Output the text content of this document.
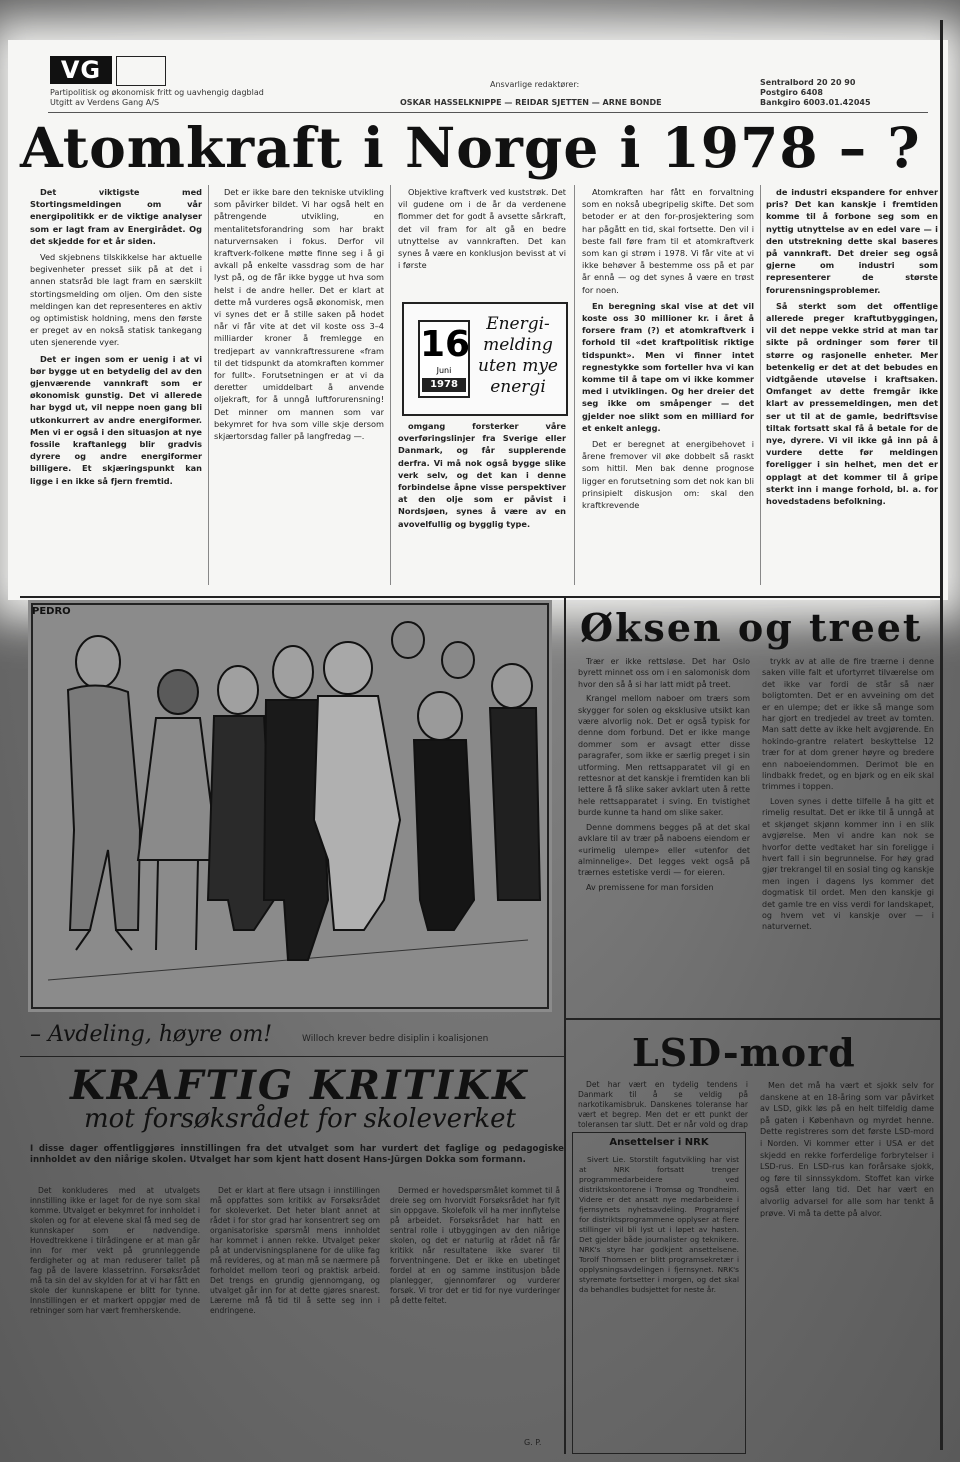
VG
Partipolitisk og økonomisk fritt og uavhengig dagblad
Utgitt av Verdens Gang A/S
Ansvarlige redaktører:
OSKAR HASSELKNIPPE — REIDAR SJETTEN — ARNE BONDE
Sentralbord 20 20 90
Postgiro 6408
Bankgiro 6003.01.42045
Atomkraft i Norge i 1978 – ?

Det viktigste med Stortingsmeldingen om vår energipolitikk er de viktige analyser som er lagt fram av Energirådet. Og det skjedde for et år siden.

Ved skjebnens tilskikkelse har aktuelle begivenheter presset siik på at det i annen statsråd ble lagt fram en særskilt stortingsmelding om oljen. Om den siste meldingen kan det representeres en aktiv og optimistisk holdning, mens den første er preget av en nokså statisk tankegang uten sjenerende vyer.

Det er ingen som er uenig i at vi bør bygge ut en betydelig del av den gjenværende vannkraft som er økonomisk gunstig. Det vi allerede har bygd ut, vil neppe noen gang bli utkonkurrert av andre energiformer. Men vi er også i den situasjon at nye fossile kraftanlegg blir gradvis dyrere og andre energiformer billigere. Et skjæringspunkt kan ligge i en ikke så fjern fremtid.

Det er ikke bare den tekniske utvikling som påvirker bildet. Vi har også helt en påtrengende utvikling, en mentalitetsforandring som har brakt naturvernsaken i fokus. Derfor vil kraftverk-folkene møtte finne seg i å gi avkall på enkelte vassdrag som de har lyst på, og de får ikke bygge ut hva som helst i de andre heller. Det er klart at dette må vurderes også økonomisk, men vi synes det er å stille saken på hodet når vi får vite at det vil koste oss 3–4 milliarder kroner å fremlegge en tredjepart av vannkraftressurene «fram til det tidspunkt da atomkraften kommer for fullt». Forutsetningen er at vi da deretter umiddelbart å anvende oljekraft, for å unngå luftforurensning! Det minner om mannen som var bekymret for hva som ville skje dersom skjærtorsdag faller på langfredag —.

Objektive kraftverk ved kuststrøk. Det vil gudene om i de år da verdenene flommer det for godt å avsette sårkraft, det vil fram for alt gå en bedre utnyttelse av vannkraften. Det kan synes å være en konklusjon bevisst at vi i første

16
Juni
1978
Energi-melding uten mye energi

omgang forsterker våre overføringslinjer fra Sverige eller Danmark, og får supplerende derfra. Vi må nok også bygge slike verk selv, og det kan i denne forbindelse åpne visse perspektiver at den olje som er påvist i Nordsjøen, synes å være av en avovelfullig og bygglig type.

Atomkraften har fått en forvaltning som en nokså ubegripelig skifte. Det som betoder er at den for-prosjektering som har pågått en tid, skal fortsette. Den vil i beste fall føre fram til et atomkraftverk som kan gi strøm i 1978. Vi får vite at vi ikke behøver å bestemme oss på et par år ennå — og det synes å være en trøst for noen.

En beregning skal vise at det vil koste oss 30 millioner kr. i året å forsere fram (?) et atomkraftverk i forhold til «det kraftpolitisk riktige tidspunkt». Men vi finner intet regnestykke som forteller hva vi kan komme til å tape om vi ikke kommer med i utviklingen. Og her dreier det seg ikke om småpenger — det gjelder noe slikt som en milliard for et enkelt anlegg.

Det er beregnet at energibehovet i årene fremover vil øke dobbelt så raskt som hittil. Men bak denne prognose ligger en forutsetning som det nok kan bli prinsipielt diskusjon om: skal den kraftkrevende

de industri ekspandere for enhver pris? Det kan kanskje i fremtiden komme til å forbone seg som en nyttig utnyttelse av en edel vare — i den utstrekning dette skal baseres på vannkraft. Det dreier seg også gjerne om industri som representerer de største forurensningsproblemer.

Så sterkt som det offentlige allerede preger kraftutbyggingen, vil det neppe vekke strid at man tar sikte på ordninger som fører til større og rasjonelle enheter. Mer betenkelig er det at det bebudes en vidtgående utøvelse i kraftsaken. Omfanget av dette fremgår ikke klart av pressemeldingen, men det ser ut til at de gamle, bedriftsvise tiltak fortsatt skal få å betale for de nye, dyrere. Vi vil ikke gå inn på å vurdere dette før meldingen foreligger i sin helhet, men det er opplagt at det kommer til å gripe sterkt inn i mange forhold, bl. a. for hovedstadens befolkning.

PEDRO
– Avdeling, høyre om!	Willoch krever bedre disiplin i koalisjonen
KRAFTIG KRITIKK
mot forsøksrådet for skoleverket
I disse dager offentliggjøres innstillingen fra det utvalget som har vurdert det faglige og pedagogiske innholdet av den niårige skolen. Utvalget har som kjent hatt dosent Hans-Jürgen Dokka som formann.

Det konkluderes med at utvalgets innstilling ikke er laget for de nye som skal komme. Utvalget er bekymret for innholdet i skolen og for at elevene skal få med seg de kunnskaper som er nødvendige. Hovedtrekkene i tilrådingene er at man går inn for mer vekt på grunnleggende ferdigheter og at man reduserer tallet på fag på de lavere klassetrinn. Forsøksrådet må ta sin del av skylden for at vi har fått en skole der kunnskapene er blitt for tynne. Innstillingen er et markert oppgjør med de retninger som har vært fremherskende.

Det er klart at flere utsagn i innstillingen må oppfattes som kritikk av Forsøksrådet for skoleverket. Det heter blant annet at rådet i for stor grad har konsentrert seg om organisatoriske spørsmål mens innholdet har kommet i annen rekke. Utvalget peker på at undervisningsplanene for de ulike fag må revideres, og at man må se nærmere på forholdet mellom teori og praktisk arbeid. Det trengs en grundig gjennomgang, og utvalget går inn for at dette gjøres snarest. Lærerne må få tid til å sette seg inn i endringene.

Dermed er hovedspørsmålet kommet til å dreie seg om hvorvidt Forsøksrådet har fylt sin oppgave. Skolefolk vil ha mer innflytelse på arbeidet. Forsøksrådet har hatt en sentral rolle i utbyggingen av den niårige skolen, og det er naturlig at rådet nå får kritikk når resultatene ikke svarer til forventningene. Det er ikke en ubetinget fordel at en og samme institusjon både planlegger, gjennomfører og vurderer forsøk. Vi tror det er tid for nye vurderinger på dette feltet.

G. P.
Øksen og treet

Trær er ikke rettsløse. Det har Oslo byrett minnet oss om i en salomonisk dom hvor den så å si har latt midt på treet.

Krangel mellom naboer om trærs som skygger for solen og eksklusive utsikt kan være alvorlig nok. Det er også typisk for denne dom forbund. Det er ikke mange dommer som er avsagt etter disse paragrafer, som ikke er særlig preget i sin utforming. Men rettsapparatet vil gi en rettesnor at det kanskje i fremtiden kan bli lettere å få slike saker avklart uten å rette hele rettsapparatet i sving. En tvistighet burde kunne ta hand om slike saker.

Denne dommens begges på at det skal avklare til av trær på naboens eiendom er «urimelig ulempe» eller «utenfor det alminnelige». Det legges vekt også på trærnes estetiske verdi — for eieren.

Av premissene for man forsiden

trykk av at alle de fire trærne i denne saken ville falt et ufortyrret tilværelse om det ikke var fordi de står så nær boligtomten. Det er en avveining om det er en ulempe; det er ikke så mange som har gjort en tredjedel av treet av tomten. Man satt dette av ikke helt avgjørende. En hokindo-grantre relatert beskyttelse 12 trær for at dom grener høyre og bredere enn naboeiendommen. Derimot ble en lindbakk fredet, og en bjørk og en eik skal trimmes i toppen.

Loven synes i dette tilfelle å ha gitt et rimelig resultat. Det er ikke til å unngå at et skjønget skjønn kommer inn i en slik avgjørelse. Men vi andre kan nok se hvorfor dette vedtaket har sin foreligge i hvert fall i sin begrunnelse. For høy grad gjør trekrangel til en sosial ting og kanskje men ingen i dagens lys kommer det dogmatisk til ordet. Men den kanskje gi det gamle tre en viss verdi for landskapet, og hvem vet vi kanskje over — i naturvernet.

LSD-mord

Det har vært en tydelig tendens i Danmark til å se veldig på narkotikamisbruk. Danskenes toleranse har vært et begrep. Men det er ett punkt der toleransen tar slutt. Det er når vold og drap

Men det må ha vært et sjokk selv for danskene at en 18-åring som var påvirket av LSD, gikk løs på en helt tilfeldig dame på gaten i København og myrdet henne. Dette registreres som det første LSD-mord i Norden. Vi kommer etter i USA er det skjedd en rekke forferdelige forbrytelser i LSD-rus. En LSD-rus kan forårsake sjokk, og føre til sinnssykdom. Stoffet kan virke også etter lang tid. Det har vært en alvorlig advarsel for alle som har tenkt å prøve. Vi må ta dette på alvor.

Ansettelser i NRK

Sivert Lie. Storstilt fagutvikling har vist at NRK fortsatt trenger programmedarbeidere ved distriktskontorene i Tromsø og Trondheim. Videre er det ansatt nye medarbeidere i fjernsynets nyhetsavdeling. Programsjef for distriktsprogrammene opplyser at flere stillinger vil bli lyst ut i løpet av høsten. Det gjelder både journalister og teknikere. NRK's styre har godkjent ansettelsene. Torolf Thomsen er blitt programsekretær i opplysningsavdelingen i fjernsynet. NRK's styremøte fortsetter i morgen, og det skal da behandles budsjettet for neste år.
